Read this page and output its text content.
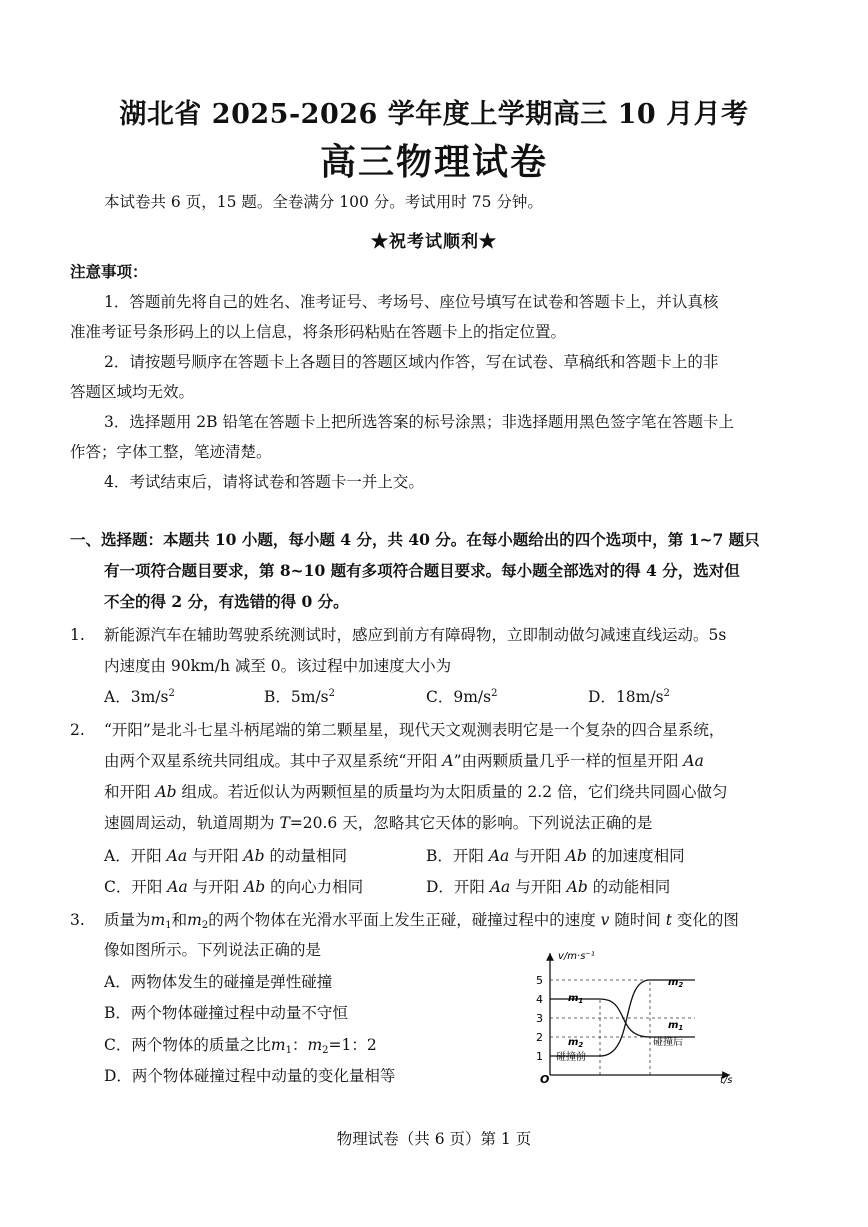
湖北省 2025-2026 学年度上学期高三 10 月月考
高三物理试卷
本试卷共 6 页，15 题。全卷满分 100 分。考试用时 75 分钟。
★祝考试顺利★
注意事项：
1．答题前先将自己的姓名、准考证号、考场号、座位号填写在试卷和答题卡上，并认真核
准准考证号条形码上的以上信息，将条形码粘贴在答题卡上的指定位置。
2．请按题号顺序在答题卡上各题目的答题区域内作答，写在试卷、草稿纸和答题卡上的非
答题区域均无效。
3．选择题用 2B 铅笔在答题卡上把所选答案的标号涂黑；非选择题用黑色签字笔在答题卡上
作答；字体工整，笔迹清楚。
4．考试结束后，请将试卷和答题卡一并上交。
一、选择题：本题共 10 小题，每小题 4 分，共 40 分。在每小题给出的四个选项中，第 1~7 题只
有一项符合题目要求，第 8~10 题有多项符合题目要求。每小题全部选对的得 4 分，选对但
不全的得 2 分，有选错的得 0 分。
1. 新能源汽车在辅助驾驶系统测试时，感应到前方有障碍物，立即制动做匀减速直线运动。5s
内速度由 90km/h 减至 0。该过程中加速度大小为
A．$3m/s^2$	B．$5m/s^2$	C．$9m/s^2$	D．$18m/s^2$
2. “开阳”是北斗七星斗柄尾端的第二颗星星，现代天文观测表明它是一个复杂的四合星系统，
由两个双星系统共同组成。其中子双星系统“开阳 A”由两颗质量几乎一样的恒星开阳 Aa
和开阳 Ab 组成。若近似认为两颗恒星的质量均为太阳质量的 2.2 倍，它们绕共同圆心做匀
速圆周运动，轨道周期为 T=20.6 天，忽略其它天体的影响。下列说法正确的是
A．开阳 Aa 与开阳 Ab 的动量相同	B．开阳 Aa 与开阳 Ab 的加速度相同
C．开阳 Aa 与开阳 Ab 的向心力相同	D．开阳 Aa 与开阳 Ab 的动能相同
3. 质量为$m_1$和$m_2$的两个物体在光滑水平面上发生正碰，碰撞过程中的速度 v 随时间 t 变化的图
像如图所示。下列说法正确的是
A．两物体发生的碰撞是弹性碰撞
B．两个物体碰撞过程中动量不守恒
C．两个物体的质量之比$m_1$：$m_2=1$：2
D．两个物体碰撞过程中动量的变化量相等
v/m·s⁻¹
t/s
O
1
2
3
4
5
$m_1$
$m_2$
$m_2$
$m_1$
碰撞前
碰撞后
物理试卷（共 6 页）第 1 页
